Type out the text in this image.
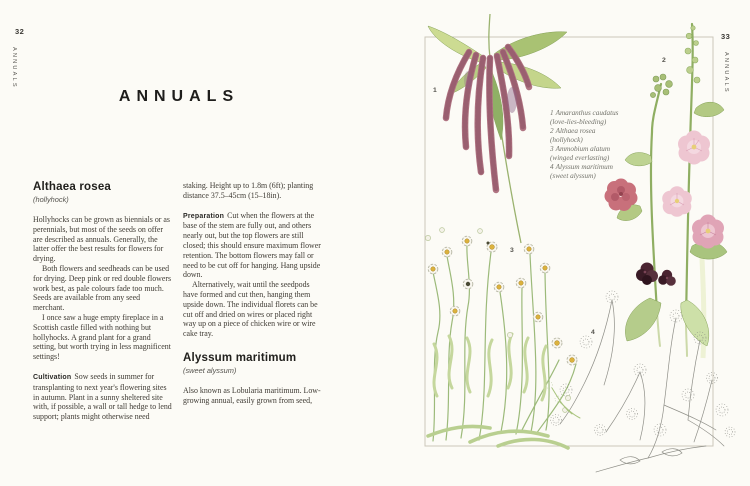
32
ANNUALS
ANNUALS
Althaea rosea
(hollyhock)

Hollyhocks can be grown as biennials or as perennials, but most of the seeds on offer are described as annuals. Generally, the latter offer the best results for flowers for drying.

Both flowers and seedheads can be used for drying. Deep pink or red double flowers work best, as pale colours fade too much. Seeds are available from any seed merchant.

I once saw a huge empty fireplace in a Scottish castle filled with nothing but hollyhocks. A grand plant for a grand setting, but worth trying in less magnificent settings!

Cultivation Sow seeds in summer for transplanting to next year's flowering sites in autumn. Plant in a sunny sheltered site with, if possible, a wall or tall hedge to lend support; plants might otherwise need

staking. Height up to 1.8m (6ft); planting distance 37.5–45cm (15–18in).

Preparation Cut when the flowers at the base of the stem are fully out, and others nearly out, but the top flowers are still closed; this should ensure maximum flower retention. The bottom flowers may fall or need to be cut off for hanging. Hang upside down.

Alternatively, wait until the seedpods have formed and cut then, hanging them upside down. The individual florets can be cut off and dried on wires or placed right way up on a piece of chicken wire or wire cake tray.

Alyssum maritimum
(sweet alyssum)

Also known as Lobularia maritimum. Low-growing annual, easily grown from seed,

33
ANNUALS
1 Amaranthus caudatus
(love-lies-bleeding)
2 Althaea rosea
(hollyhock)
3 Ammobium alatum
(winged everlasting)
4 Alyssum maritimum
(sweet alyssum)
1
2
3
4
